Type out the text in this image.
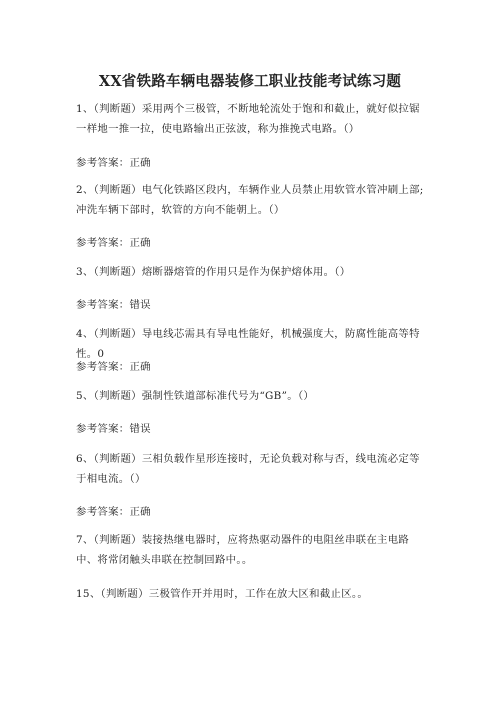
XX省铁路车辆电器装修工职业技能考试练习题
1、（判断题）采用两个三极管，不断地轮流处于饱和和截止，就好似拉锯一样地一推一拉，使电路输出正弦波，称为推挽式电路。（）
参考答案：正确
2、（判断题）电气化铁路区段内，车辆作业人员禁止用软管水管冲刷上部;冲洗车辆下部时，软管的方向不能朝上。（）
参考答案：正确
3、（判断题）熔断器熔管的作用只是作为保护熔体用。（）
参考答案：错误
4、（判断题）导电线芯需具有导电性能好，机械强度大，防腐性能高等特性。0
参考答案：正确
5、（判断题）强制性铁道部标准代号为“GB”。（）
参考答案：错误
6、（判断题）三相负载作星形连接时，无论负载对称与否，线电流必定等于相电流。（）
参考答案：正确
7、（判断题）装接热继电器时，应将热驱动器件的电阻丝串联在主电路中、将常闭触头串联在控制回路中。。
15、（判断题）三极管作开并用时，工作在放大区和截止区。。
